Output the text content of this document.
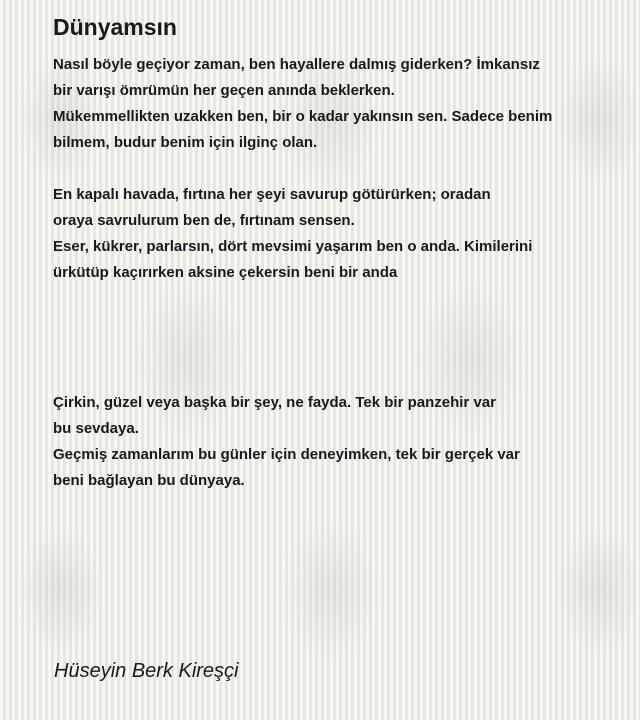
Dünyamsın
Nasıl böyle geçiyor zaman, ben hayallere dalmış giderken? İmkansız
bir varışı ömrümün her geçen anında beklerken.
Mükemmellikten uzakken ben, bir o kadar yakınsın sen. Sadece benim
bilmem, budur benim için ilginç olan.
En kapalı havada, fırtına her şeyi savurup götürürken; oradan
oraya savrulurum ben de, fırtınam sensen.
Eser, kükrer, parlarsın, dört mevsimi yaşarım ben o anda. Kimilerini
ürkütüp kaçırırken aksine çekersin beni bir anda
Çirkin, güzel veya başka bir şey, ne fayda. Tek bir panzehir var
bu sevdaya.
Geçmiş zamanlarım bu günler için deneyimken, tek bir gerçek var
beni bağlayan bu dünyaya.
Hüseyin Berk Kireşçi
